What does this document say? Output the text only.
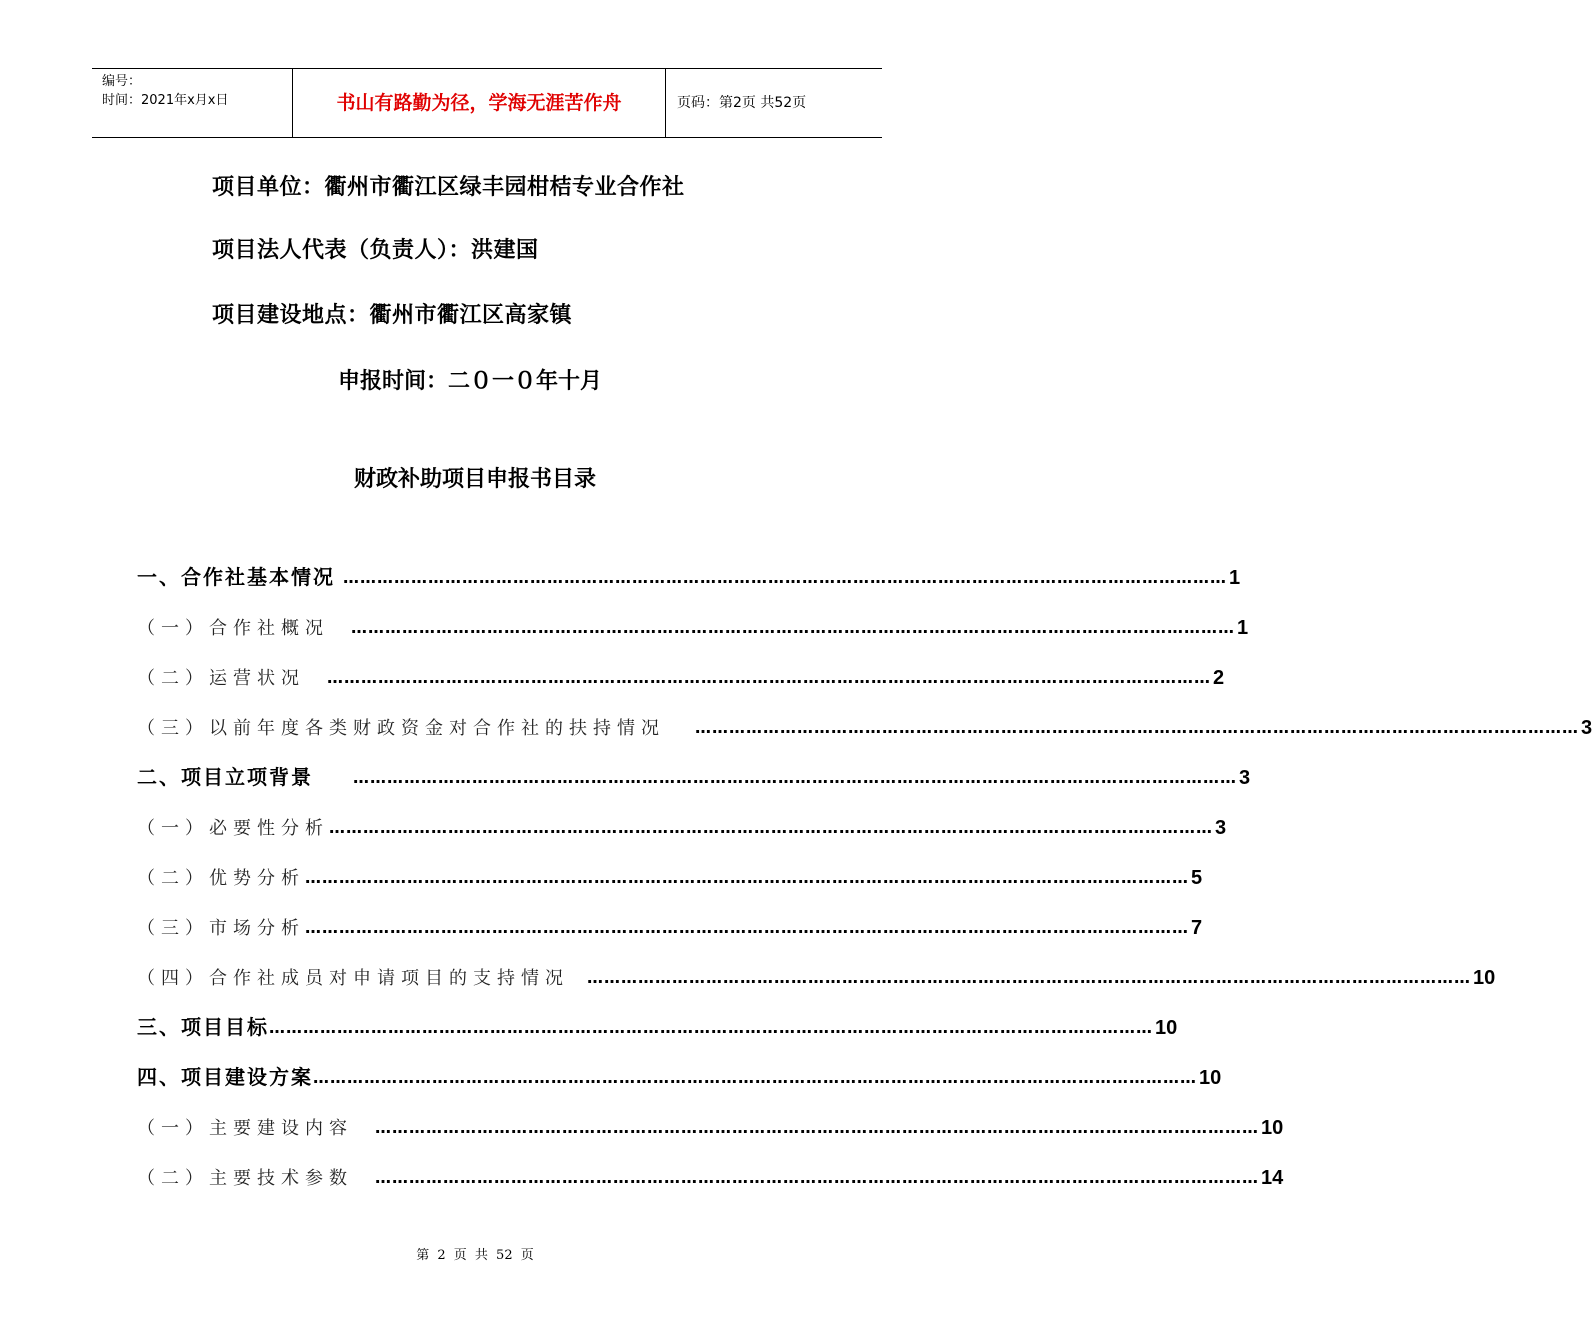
编号：
时间：2021年x月x日	书山有路勤为径，学海无涯苦作舟	页码：第2页 共52页
项目单位：衢州市衢江区绿丰园柑桔专业合作社
项目法人代表（负责人）：洪建国
项目建设地点：衢州市衢江区高家镇
申报时间：二０一０年十月
财政补助项目申报书目录
一、合作社基本情况 ………………………………………………………………………………………………………………………………………… 1
（一）合作社概况 ………………………………………………………………………………………………………………………………………… 1
（二）运营状况 ………………………………………………………………………………………………………………………………………… 2
（三）以前年度各类财政资金对合作社的扶持情况 ………………………………………………………………………………………………………………………………………… 3
二、项目立项背景	………………………………………………………………………………………………………………………………………… 3
（一）必要性分析 ………………………………………………………………………………………………………………………………………… 3
（二）优势分析 ………………………………………………………………………………………………………………………………………… 5
（三）市场分析 ………………………………………………………………………………………………………………………………………… 7
（四）合作社成员对申请项目的支持情况 ………………………………………………………………………………………………………………………………………… 10
三、项目目标 ………………………………………………………………………………………………………………………………………… 10
四、项目建设方案 ………………………………………………………………………………………………………………………………………… 10
（一）主要建设内容 ………………………………………………………………………………………………………………………………………… 10
（二）主要技术参数 ………………………………………………………………………………………………………………………………………… 14
第 2 页 共 52 页
